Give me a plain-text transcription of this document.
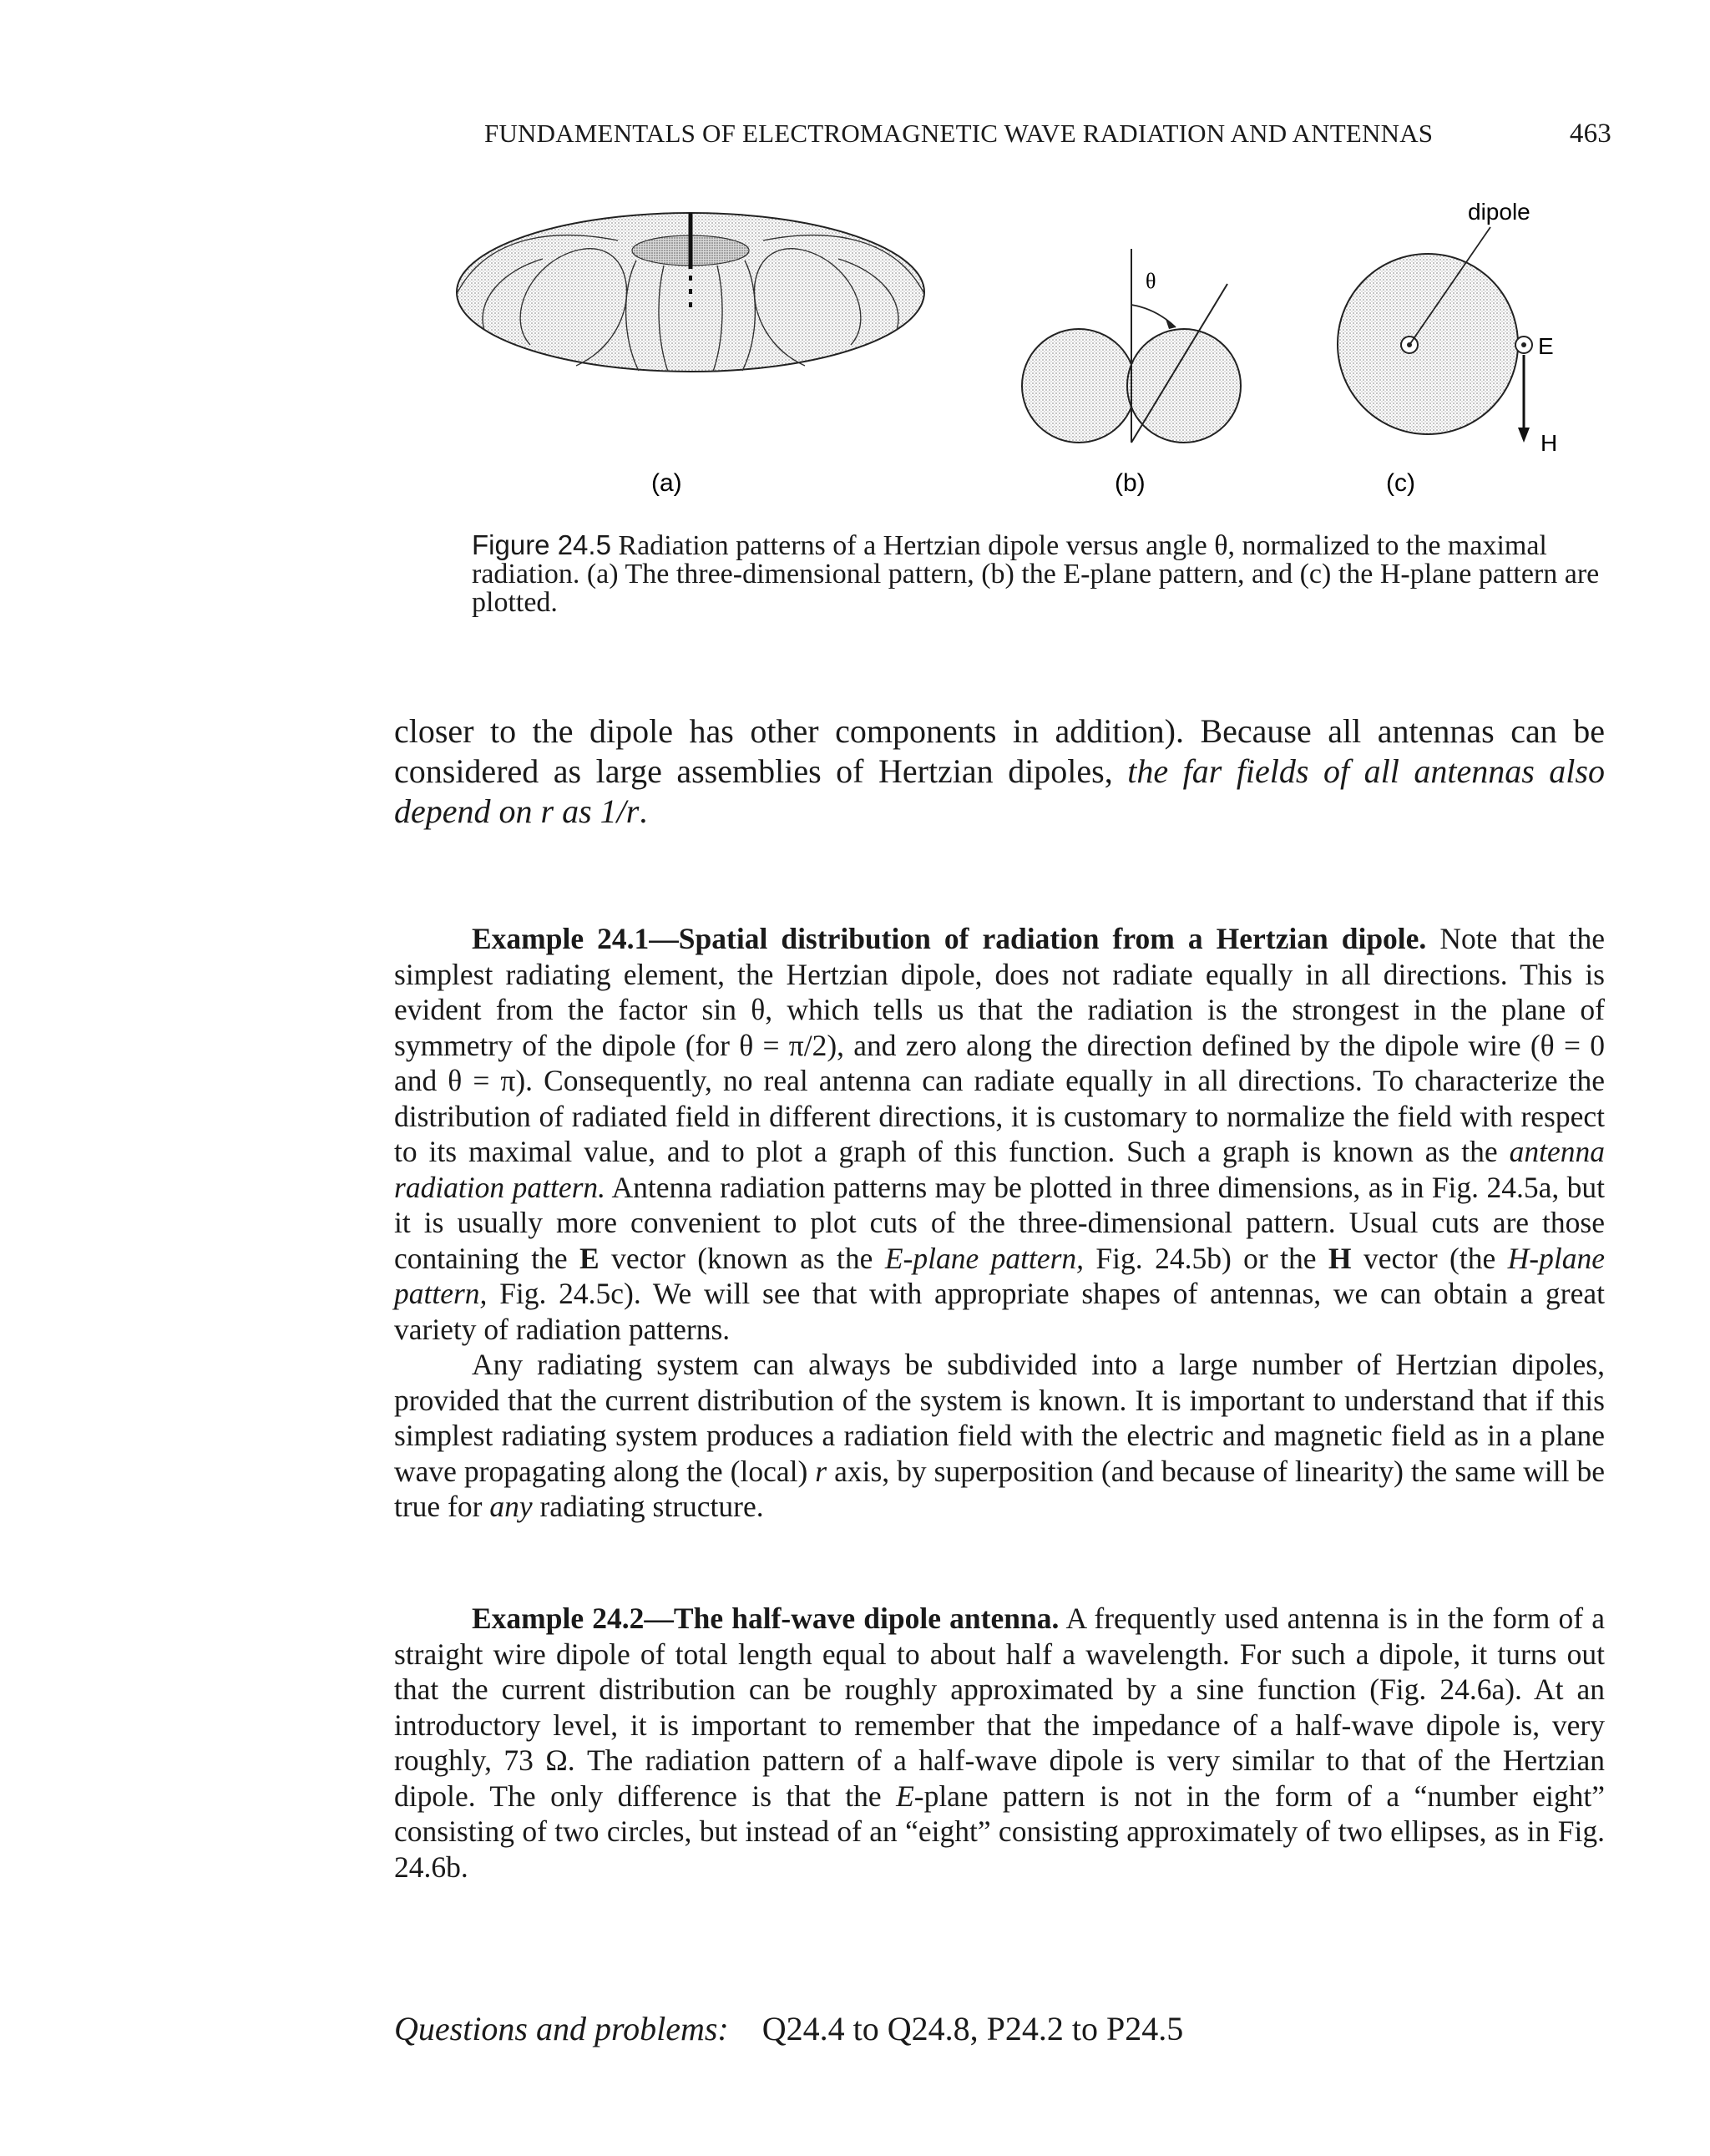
FUNDAMENTALS OF ELECTROMAGNETIC WAVE RADIATION AND ANTENNAS	463
θ
dipole
E
H
(a)	(b)	(c)
Figure 24.5 Radiation patterns of a Hertzian dipole versus angle θ, normalized to the maximal radiation. (a) The three-dimensional pattern, (b) the E-plane pattern, and (c) the H-plane pattern are plotted.

closer to the dipole has other components in addition). Because all antennas can be considered as large assemblies of Hertzian dipoles, the far fields of all antennas also depend on r as 1/r.

Example 24.1—Spatial distribution of radiation from a Hertzian dipole. Note that the simplest radiating element, the Hertzian dipole, does not radiate equally in all directions. This is evident from the factor sin θ, which tells us that the radiation is the strongest in the plane of symmetry of the dipole (for θ = π/2), and zero along the direction defined by the dipole wire (θ = 0 and θ = π). Consequently, no real antenna can radiate equally in all directions. To characterize the distribution of radiated field in different directions, it is customary to normalize the field with respect to its maximal value, and to plot a graph of this function. Such a graph is known as the antenna radiation pattern. Antenna radiation patterns may be plotted in three dimensions, as in Fig. 24.5a, but it is usually more convenient to plot cuts of the three-dimensional pattern. Usual cuts are those containing the E vector (known as the E-plane pattern, Fig. 24.5b) or the H vector (the H-plane pattern, Fig. 24.5c). We will see that with appropriate shapes of antennas, we can obtain a great variety of radiation patterns.

Any radiating system can always be subdivided into a large number of Hertzian dipoles, provided that the current distribution of the system is known. It is important to understand that if this simplest radiating system produces a radiation field with the electric and magnetic field as in a plane wave propagating along the (local) r axis, by superposition (and because of linearity) the same will be true for any radiating structure.

Example 24.2—The half-wave dipole antenna. A frequently used antenna is in the form of a straight wire dipole of total length equal to about half a wavelength. For such a dipole, it turns out that the current distribution can be roughly approximated by a sine function (Fig. 24.6a). At an introductory level, it is important to remember that the impedance of a half-wave dipole is, very roughly, 73 Ω. The radiation pattern of a half-wave dipole is very similar to that of the Hertzian dipole. The only difference is that the E-plane pattern is not in the form of a “number eight” consisting of two circles, but instead of an “eight” consisting approximately of two ellipses, as in Fig. 24.6b.

Questions and problems: Q24.4 to Q24.8, P24.2 to P24.5
